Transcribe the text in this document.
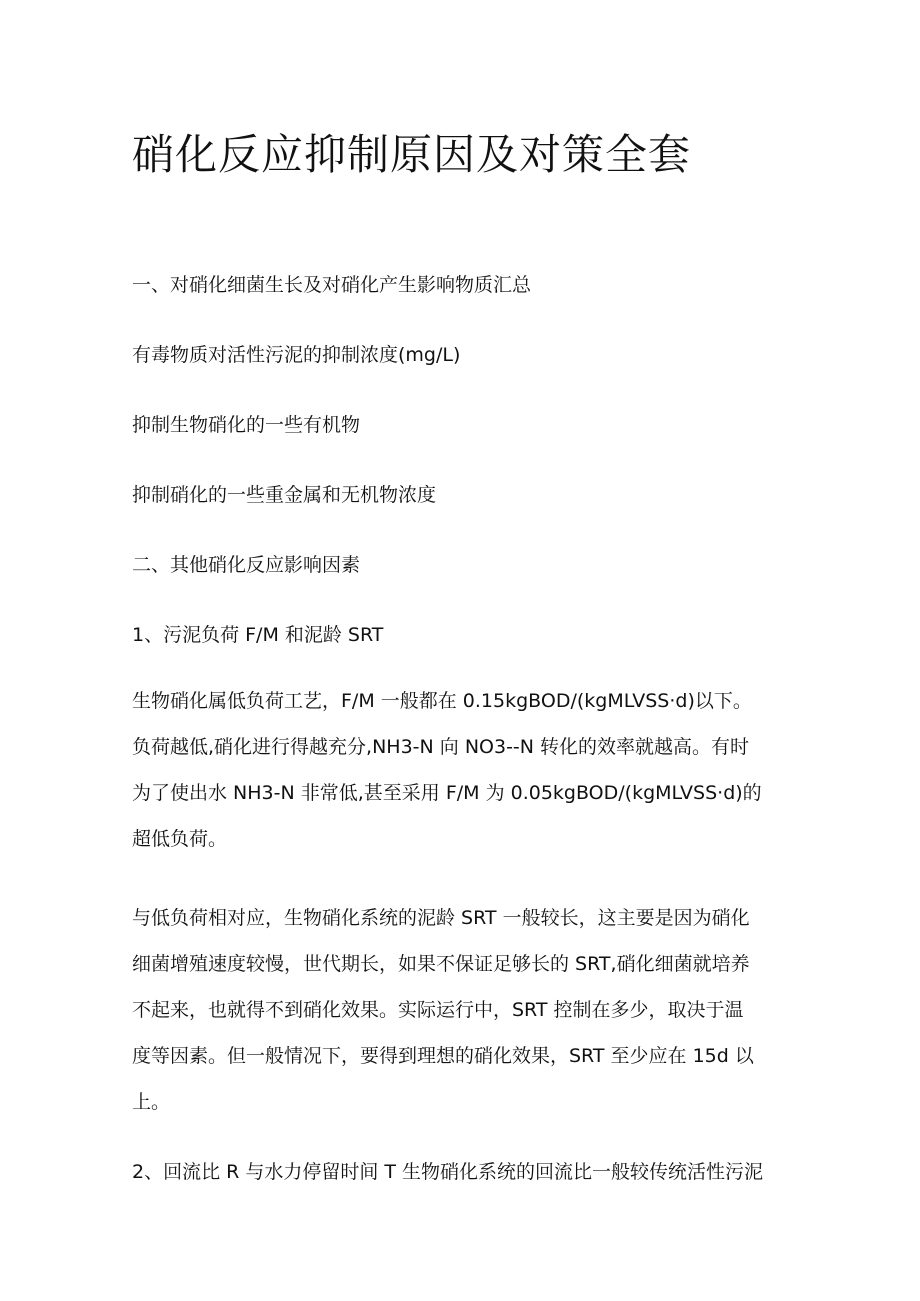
硝化反应抑制原因及对策全套

一、对硝化细菌生长及对硝化产生影响物质汇总

有毒物质对活性污泥的抑制浓度(mg/L)

抑制生物硝化的一些有机物

抑制硝化的一些重金属和无机物浓度

二、其他硝化反应影响因素

1、污泥负荷 F/M 和泥龄 SRT

生物硝化属低负荷工艺，F/M 一般都在 0.15kgBOD/(kgMLVSS·d)以下。
负荷越低,硝化进行得越充分,NH3-N 向 NO3--N 转化的效率就越高。有时
为了使出水 NH3-N 非常低,甚至采用 F/M 为 0.05kgBOD/(kgMLVSS·d)的
超低负荷。
与低负荷相对应，生物硝化系统的泥龄 SRT 一般较长，这主要是因为硝化
细菌增殖速度较慢，世代期长，如果不保证足够长的 SRT,硝化细菌就培养
不起来，也就得不到硝化效果。实际运行中，SRT 控制在多少，取决于温
度等因素。但一般情况下，要得到理想的硝化效果，SRT 至少应在 15d 以
上。

2、回流比 R 与水力停留时间 T 生物硝化系统的回流比一般较传统活性污泥
